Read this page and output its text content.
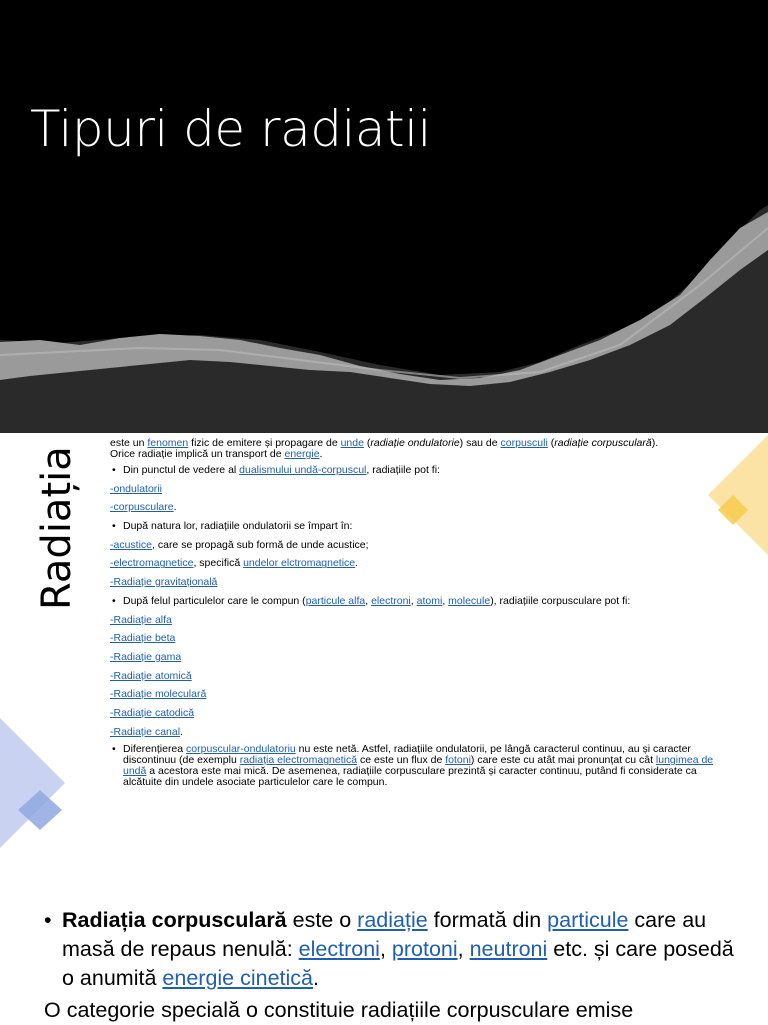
Tipuri de radiatii
Radiația

este un fenomen fizic de emitere și propagare de unde (radiație ondulatorie) sau de corpusculi (radiație corpusculară).
Orice radiație implică un transport de energie.

• Din punctul de vedere al dualismului undă-corpuscul, radiațiile pot fi:

-ondulatorii

-corpusculare.

• După natura lor, radiațiile ondulatorii se împart în:

-acustice, care se propagă sub formă de unde acustice;

-electromagnetice, specifică undelor elctromagnetice.

-Radiație gravitațională

• După felul particulelor care le compun (particule alfa, electroni, atomi, molecule), radiațiile corpusculare pot fi:

-Radiație alfa

-Radiație beta

-Radiație gama

-Radiație atomică

-Radiație moleculară

-Radiație catodică

-Radiație canal.

• Diferențierea corpuscular-ondulatoriu nu este netă. Astfel, radiațiile ondulatorii, pe lângă caracterul continuu, au și caracter discontinuu (de exemplu radiația electromagnetică ce este un flux de fotoni) care este cu atât mai pronunțat cu cât lungimea de undă a acestora este mai mică. De asemenea, radiațiile corpusculare prezintă și caracter continuu, putând fi considerate ca alcătuite din undele asociate particulelor care le compun.

• Radiația corpusculară este o radiație formată din particule care au masă de repaus nenulă: electroni, protoni, neutroni etc. și care posedă o anumită energie cinetică.
O categorie specială o constituie radiațiile corpusculare emise
